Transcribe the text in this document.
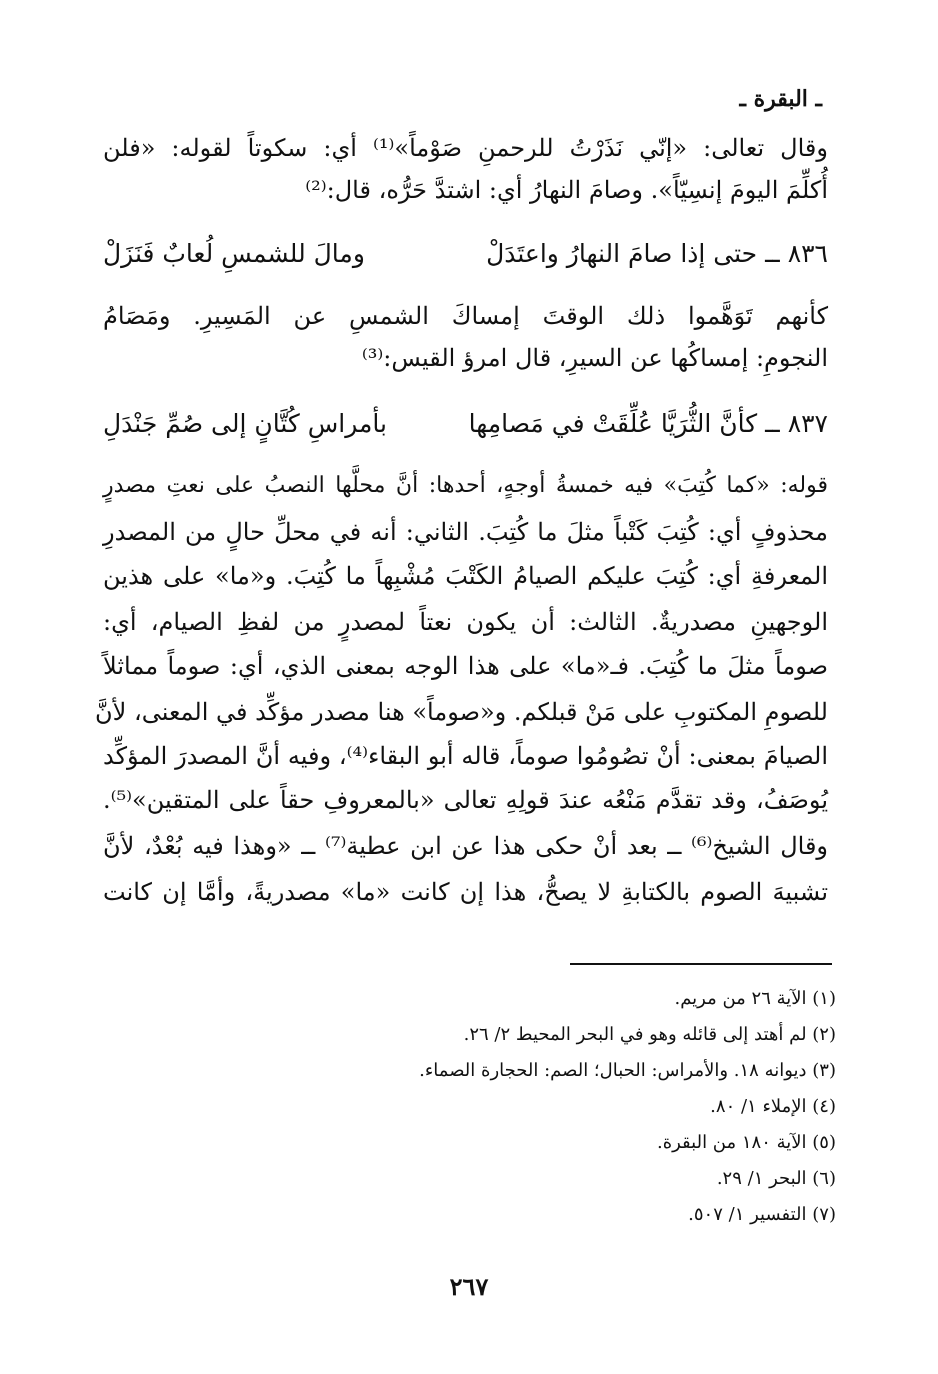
ـ البقرة ـ
وقال تعالى: «إنّي نَذَرْتُ للرحمنِ صَوْماً»⁽¹⁾ أي: سكوتاً لقوله: «فلن
أُكلِّمَ اليومَ إنسِيّاً». وصامَ النهارُ أي: اشتدَّ حَرُّه، قال:⁽²⁾
٨٣٦ ــ حتى إذا صامَ النهارُ واعتَدَلْ
ومالَ للشمسِ لُعابٌ فَنَزَلْ
كأنهم تَوَهَّموا ذلك الوقتَ إمساكَ الشمسِ عن المَسِيرِ. ومَصَامُ
النجومِ: إمساكُها عن السيرِ، قال امرؤ القيس:⁽³⁾
٨٣٧ ــ كأنَّ الثُّرَيَّا عُلِّقَتْ في مَصامِها
بأمراسِ كُتَّانٍ إلى صُمِّ جَنْدَلِ
قوله: «كما كُتِبَ» فيه خمسةُ أوجهٍ، أحدها: أنَّ محلَّها النصبُ على نعتِ مصدرٍ
محذوفٍ أي: كُتِبَ كَتْباً مثلَ ما كُتِبَ. الثاني: أنه في محلِّ حالٍ من المصدرِ
المعرفةِ أي: كُتِبَ عليكم الصيامُ الكَتْبَ مُشْبِهاً ما كُتِبَ. و«ما» على هذين
الوجهينِ مصدريةٌ. الثالث: أن يكون نعتاً لمصدرٍ من لفظِ الصيام، أي:
صوماً مثلَ ما كُتِبَ. فـ«ما» على هذا الوجه بمعنى الذي، أي: صوماً مماثلاً
للصومِ المكتوبِ على مَنْ قبلكم. و«صوماً» هنا مصدر مؤكِّد في المعنى، لأنَّ
الصيامَ بمعنى: أنْ تصُومُوا صوماً، قاله أبو البقاء⁽⁴⁾، وفيه أنَّ المصدرَ المؤكِّد
يُوصَفُ، وقد تقدَّم مَنْعُه عندَ قولِهِ تعالى «بالمعروفِ حقاً على المتقين»⁽⁵⁾.
وقال الشيخ⁽⁶⁾ ــ بعد أنْ حكى هذا عن ابن عطية⁽⁷⁾ ــ «وهذا فيه بُعْدٌ، لأنَّ
تشبيهَ الصوم بالكتابةِ لا يصحُّ، هذا إن كانت «ما» مصدريةً، وأمَّا إن كانت
(١) الآية ٢٦ من مريم.
(٢) لم أهتد إلى قائله وهو في البحر المحيط ٢/ ٢٦.
(٣) ديوانه ١٨. والأمراس: الحبال؛ الصم: الحجارة الصماء.
(٤) الإملاء ١/ ٨٠.
(٥) الآية ١٨٠ من البقرة.
(٦) البحر ١/ ٢٩.
(٧) التفسير ١/ ٥٠٧.
٢٦٧
